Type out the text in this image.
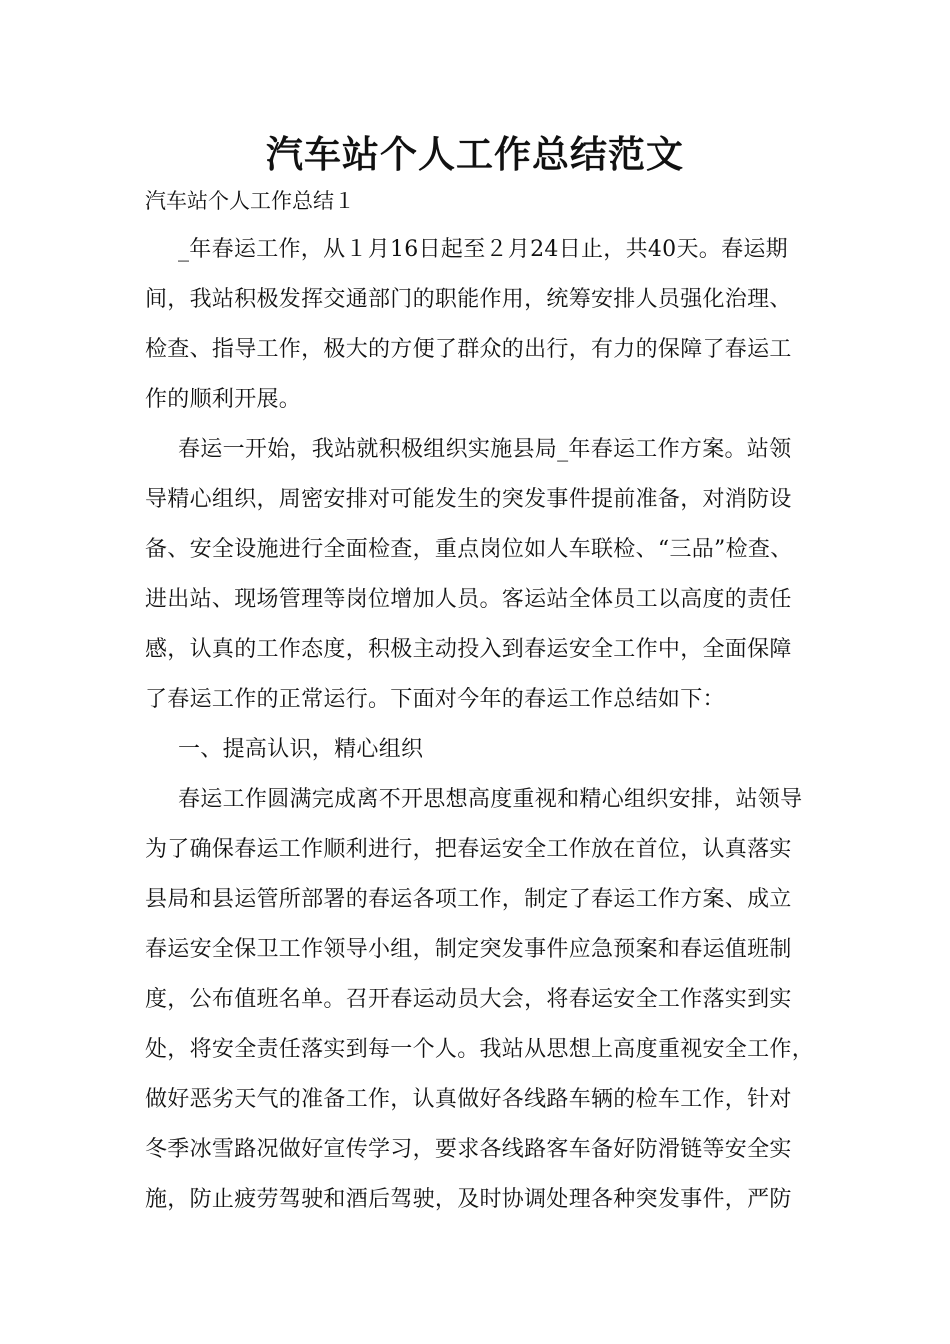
汽车站个人工作总结范文
汽车站个人工作总结１
_年春运工作，从１月16日起至２月24日止，共40天。春运期
间，我站积极发挥交通部门的职能作用，统筹安排人员强化治理、
检查、指导工作，极大的方便了群众的出行，有力的保障了春运工
作的顺利开展。
春运一开始，我站就积极组织实施县局_年春运工作方案。站领
导精心组织，周密安排对可能发生的突发事件提前准备，对消防设
备、安全设施进行全面检查，重点岗位如人车联检、“三品”检查、
进出站、现场管理等岗位增加人员。客运站全体员工以高度的责任
感，认真的工作态度，积极主动投入到春运安全工作中，全面保障
了春运工作的正常运行。下面对今年的春运工作总结如下：
一、提高认识，精心组织
春运工作圆满完成离不开思想高度重视和精心组织安排，站领导
为了确保春运工作顺利进行，把春运安全工作放在首位，认真落实
县局和县运管所部署的春运各项工作，制定了春运工作方案、成立
春运安全保卫工作领导小组，制定突发事件应急预案和春运值班制
度，公布值班名单。召开春运动员大会，将春运安全工作落实到实
处，将安全责任落实到每一个人。我站从思想上高度重视安全工作，
做好恶劣天气的准备工作，认真做好各线路车辆的检车工作，针对
冬季冰雪路况做好宣传学习，要求各线路客车备好防滑链等安全实
施，防止疲劳驾驶和酒后驾驶，及时协调处理各种突发事件，严防
